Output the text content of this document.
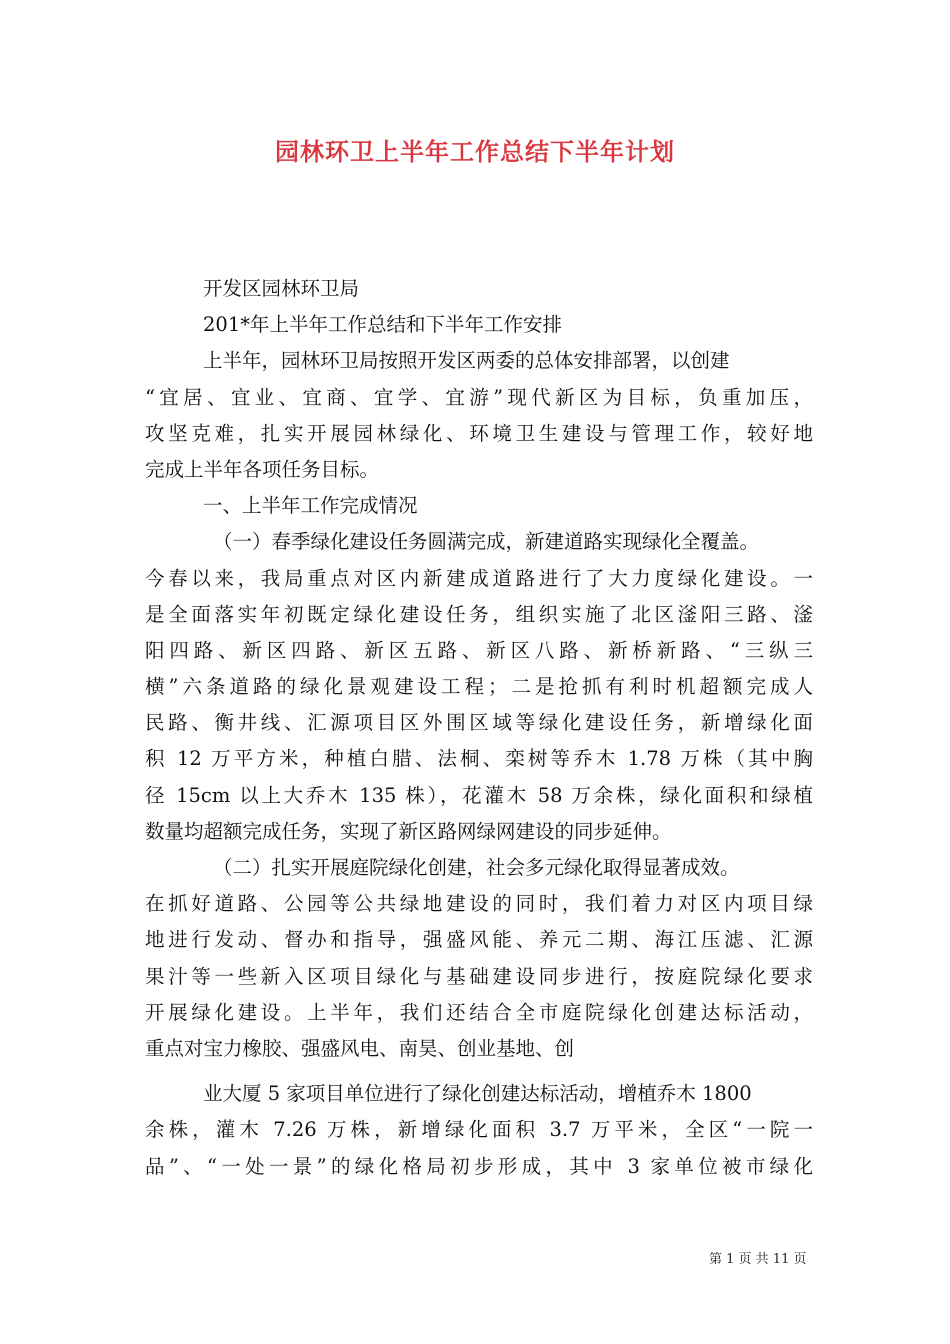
园林环卫上半年工作总结下半年计划
开发区园林环卫局
201*年上半年工作总结和下半年工作安排
上半年，园林环卫局按照开发区两委的总体安排部署，以创建
“宜居、宜业、宜商、宜学、宜游”现代新区为目标，负重加压，
攻坚克难，扎实开展园林绿化、环境卫生建设与管理工作，较好地
完成上半年各项任务目标。
一、上半年工作完成情况
（一）春季绿化建设任务圆满完成，新建道路实现绿化全覆盖。
今春以来，我局重点对区内新建成道路进行了大力度绿化建设。一
是全面落实年初既定绿化建设任务，组织实施了北区滏阳三路、滏
阳四路、新区四路、新区五路、新区八路、新桥新路、“三纵三
横”六条道路的绿化景观建设工程；二是抢抓有利时机超额完成人
民路、衡井线、汇源项目区外围区域等绿化建设任务，新增绿化面
积 12 万平方米，种植白腊、法桐、栾树等乔木 1.78 万株（其中胸
径 15cm 以上大乔木 135 株），花灌木 58 万余株，绿化面积和绿植
数量均超额完成任务，实现了新区路网绿网建设的同步延伸。
（二）扎实开展庭院绿化创建，社会多元绿化取得显著成效。
在抓好道路、公园等公共绿地建设的同时，我们着力对区内项目绿
地进行发动、督办和指导，强盛风能、养元二期、海江压滤、汇源
果汁等一些新入区项目绿化与基础建设同步进行，按庭院绿化要求
开展绿化建设。上半年，我们还结合全市庭院绿化创建达标活动，
重点对宝力橡胶、强盛风电、南昊、创业基地、创
业大厦 5 家项目单位进行了绿化创建达标活动，增植乔木 1800
余株，灌木 7.26 万株，新增绿化面积 3.7 万平米，全区“一院一
品”、“一处一景”的绿化格局初步形成，其中 3 家单位被市绿化
第 1 页 共 11 页
